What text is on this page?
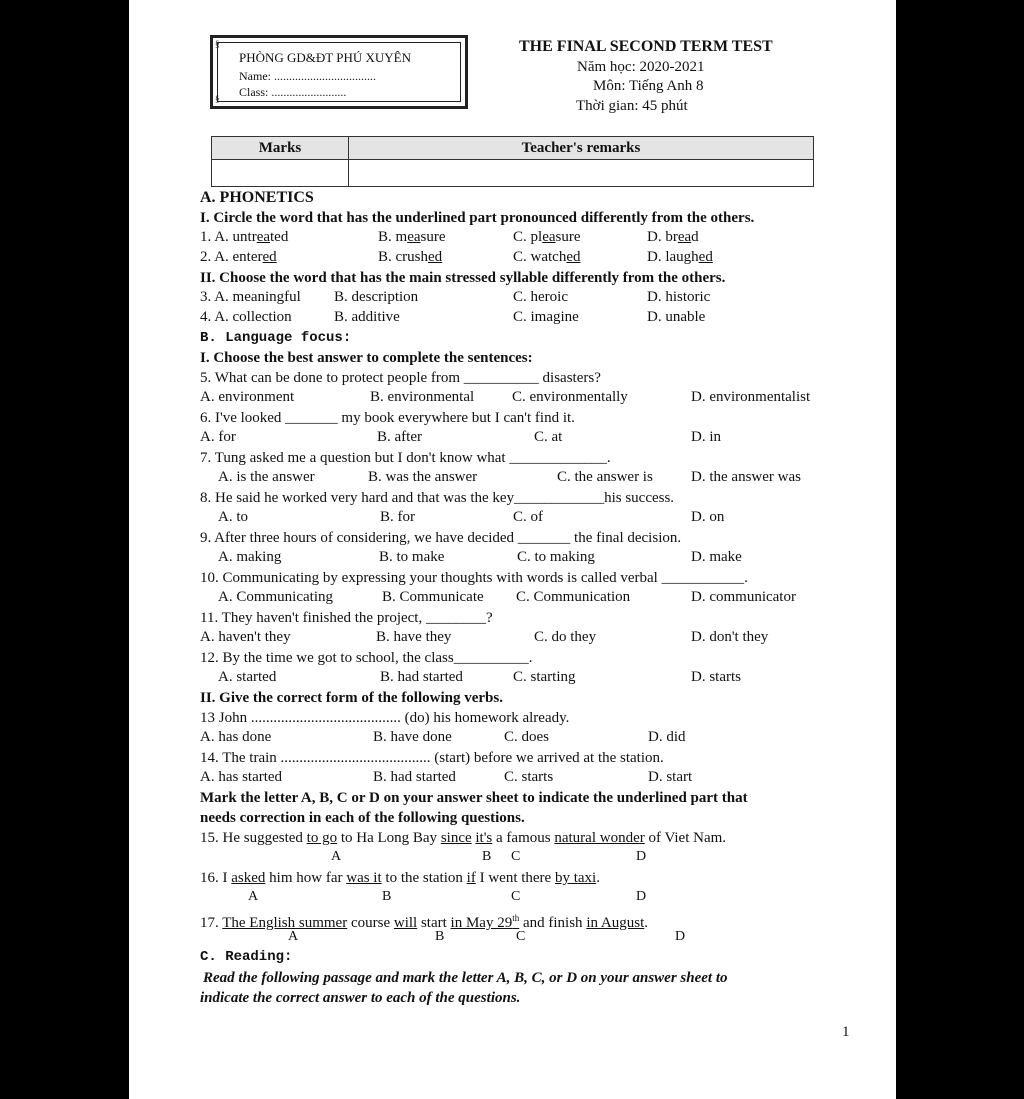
§
§
PHÒNG GD&ĐT PHÚ XUYÊN
Name: ..................................
Class: .........................
THE FINAL SECOND TERM TEST
Năm học: 2020-2021
Môn: Tiếng Anh 8
Thời gian: 45 phút
Marks	Teacher's remarks

A. PHONETICS
I. Circle the word that has the underlined part pronounced differently from the others.
1. A. untreated	B. measure	C. pleasure	D. bread
2. A. entered	B. crushed	C. watched	D. laughed
II. Choose the word that has the main stressed syllable differently from the others.
3. A. meaningful B. description	C. heroic	D. historic
4. A. collection	B. additive	C. imagine	D. unable
B. Language focus:
I. Choose the best answer to complete the sentences:
5. What can be done to protect people from __________ disasters?
A. environment	B. environmental	C. environmentally	D. environmentalist
6. I've looked _______ my book everywhere but I can't find it.
A. for	B. after	C. at	D. in
7. Tung asked me a question but I don't know what _____________.
A. is the answer	B. was the answer	C. the answer is	D. the answer was
8. He said he worked very hard and that was the key____________his success.
A. to	B. for	C. of	D. on
9. After three hours of considering, we have decided _______ the final decision.
A. making	B. to make	C. to making	D. make
10. Communicating by expressing your thoughts with words is called verbal ___________.
A. Communicating	B. Communicate C. Communication	D. communicator
11. They haven't finished the project, ________?
A. haven't they	B. have they	C. do they	D. don't they
12. By the time we got to school, the class__________.
A. started	B. had started	C. starting	D. starts
II. Give the correct form of the following verbs.
13 John ........................................ (do) his homework already.
A. has done	B. have done	C. does	D. did
14. The train ........................................ (start) before we arrived at the station.
A. has started	B. had started	C. starts	D. start
Mark the letter A, B, C or D on your answer sheet to indicate the underlined part that
needs correction in each of the following questions.
15. He suggested to go to Ha Long Bay since it's a famous natural wonder of Viet Nam.
A	B C	D
16. I asked him how far was it to the station if I went there by taxi.
A	B	C	D
17. The English summer course will start in May 29th and finish in August.
A	B	C	D
C. Reading:
Read the following passage and mark the letter A, B, C, or D on your answer sheet to
indicate the correct answer to each of the questions.
1
